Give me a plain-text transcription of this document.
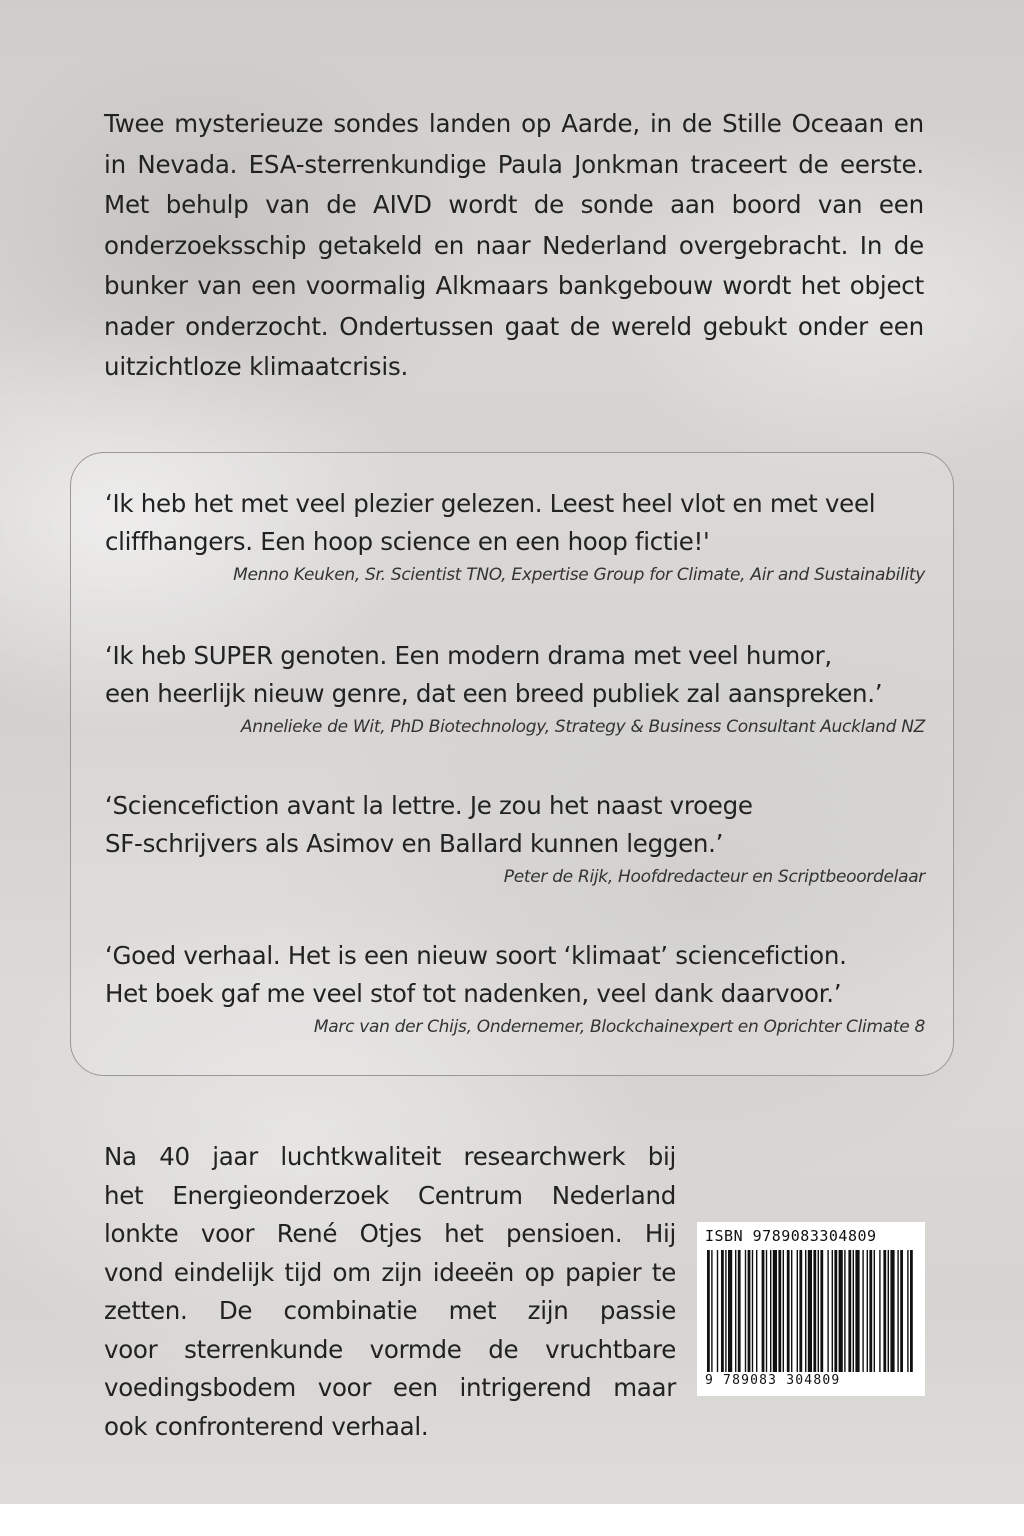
Twee mysterieuze sondes landen op Aarde, in de Stille Oceaan en in Nevada. ESA-sterrenkundige Paula Jonkman traceert de eerste. Met behulp van de AIVD wordt de sonde aan boord van een onderzoeksschip getakeld en naar Nederland overgebracht. In de bunker van een voormalig Alkmaars bankgebouw wordt het object nader onderzocht. Ondertussen gaat de wereld gebukt onder een uitzichtloze klimaatcrisis.

‘Ik heb het met veel plezier gelezen. Leest heel vlot en met veel
cliffhangers. Een hoop science en een hoop fictie!'

Menno Keuken, Sr. Scientist TNO, Expertise Group for Climate, Air and Sustainability

‘Ik heb SUPER genoten. Een modern drama met veel humor,
een heerlijk nieuw genre, dat een breed publiek zal aanspreken.’

Annelieke de Wit, PhD Biotechnology, Strategy & Business Consultant Auckland NZ

‘Sciencefiction avant la lettre. Je zou het naast vroege
SF-schrijvers als Asimov en Ballard kunnen leggen.’

Peter de Rijk, Hoofdredacteur en Scriptbeoordelaar

‘Goed verhaal. Het is een nieuw soort ‘klimaat’ sciencefiction.
Het boek gaf me veel stof tot nadenken, veel dank daarvoor.’

Marc van der Chijs, Ondernemer, Blockchainexpert en Oprichter Climate 8

Na 40 jaar luchtkwaliteit researchwerk bij
het Energieonderzoek Centrum Nederland
lonkte voor René Otjes het pensioen. Hij
vond eindelijk tijd om zijn ideeën op papier te
zetten. De combinatie met zijn passie
voor sterrenkunde vormde de vruchtbare
voedingsbodem voor een intrigerend maar
ook confronterend verhaal.

ISBN 9789083304809
9 789083 304809
